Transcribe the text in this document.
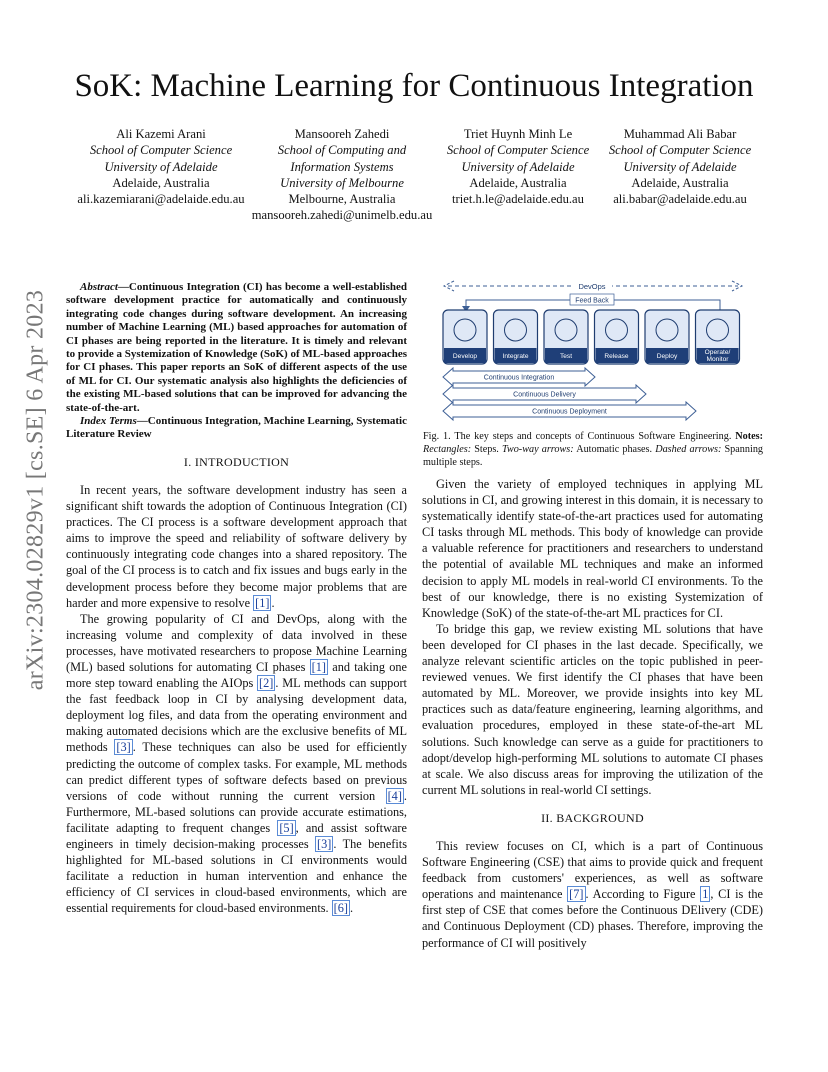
arXiv:2304.02829v1 [cs.SE] 6 Apr 2023
SoK: Machine Learning for Continuous Integration
Ali Kazemi Arani
School of Computer Science
University of Adelaide
Adelaide, Australia
ali.kazemiarani@adelaide.edu.au
Mansooreh Zahedi
School of Computing and
Information Systems
University of Melbourne
Melbourne, Australia
mansooreh.zahedi@unimelb.edu.au
Triet Huynh Minh Le
School of Computer Science
University of Adelaide
Adelaide, Australia
triet.h.le@adelaide.edu.au
Muhammad Ali Babar
School of Computer Science
University of Adelaide
Adelaide, Australia
ali.babar@adelaide.edu.au

Abstract—Continuous Integration (CI) has become a well-established software development practice for automatically and continuously integrating code changes during software development. An increasing number of Machine Learning (ML) based approaches for automation of CI phases are being reported in the literature. It is timely and relevant to provide a Systemization of Knowledge (SoK) of ML-based approaches for CI phases. This paper reports an SoK of different aspects of the use of ML for CI. Our systematic analysis also highlights the deficiencies of the existing ML-based solutions that can be improved for advancing the state-of-the-art.

Index Terms—Continuous Integration, Machine Learning, Systematic Literature Review

I. INTRODUCTION

In recent years, the software development industry has seen a significant shift towards the adoption of Continuous Integration (CI) practices. The CI process is a software development approach that aims to improve the speed and reliability of software delivery by continuously integrating code changes into a shared repository. The goal of the CI process is to catch and fix issues and bugs early in the development process before they become major problems that are harder and more expensive to resolve [1] .

The growing popularity of CI and DevOps, along with the increasing volume and complexity of data involved in these processes, have motivated researchers to propose Machine Learning (ML) based solutions for automating CI phases [1] and taking one more step toward enabling the AIOps [2] . ML methods can support the fast feedback loop in CI by analysing development data, deployment log files, and data from the operating environment and making automated decisions which are the exclusive benefits of ML methods [3] . These techniques can also be used for efficiently predicting the outcome of complex tasks. For example, ML methods can predict different types of software defects based on previous versions of code without running the current version [4] . Furthermore, ML-based solutions can provide accurate estimations, facilitate adapting to frequent changes [5] , and assist software engineers in timely decision-making processes [3] . The benefits highlighted for ML-based solutions in CI environments would facilitate a reduction in human intervention and enhance the efficiency of CI services in cloud-based environments, which are essential requirements for cloud-based environments. [6] .

DevOps
Feed Back
Develop	Integrate	Test	Release	Deploy
Operate/
Monitor
Continuous Integration
Continuous Delivery
Continuous Deployment
Fig. 1. The key steps and concepts of Continuous Software Engineering. Notes: Rectangles: Steps. Two-way arrows: Automatic phases. Dashed arrows: Spanning multiple steps.

Given the variety of employed techniques in applying ML solutions in CI, and growing interest in this domain, it is necessary to systematically identify state-of-the-art practices used for automating CI tasks through ML methods. This body of knowledge can provide a valuable reference for practitioners and researchers to understand the potential of available ML techniques and make an informed decision to apply ML models in real-world CI environments. To the best of our knowledge, there is no existing Systemization of Knowledge (SoK) of the state-of-the-art ML practices for CI.

To bridge this gap, we review existing ML solutions that have been developed for CI phases in the last decade. Specifically, we analyze relevant scientific articles on the topic published in peer-reviewed venues. We first identify the CI phases that have been automated by ML. Moreover, we provide insights into key ML practices such as data/feature engineering, learning algorithms, and evaluation procedures, employed in these state-of-the-art ML solutions. Such knowledge can serve as a guide for practitioners to adopt/develop high-performing ML solutions to automate CI phases at scale. We also discuss areas for improving the utilization of the current ML solutions in real-world CI settings.

II. BACKGROUND

This review focuses on CI, which is a part of Continuous Software Engineering (CSE) that aims to provide quick and frequent feedback from customers' experiences, as well as software operations and maintenance [7] . According to Figure 1 , CI is the first step of CSE that comes before the Continuous DElivery (CDE) and Continuous Deployment (CD) phases. Therefore, improving the performance of CI will positively
